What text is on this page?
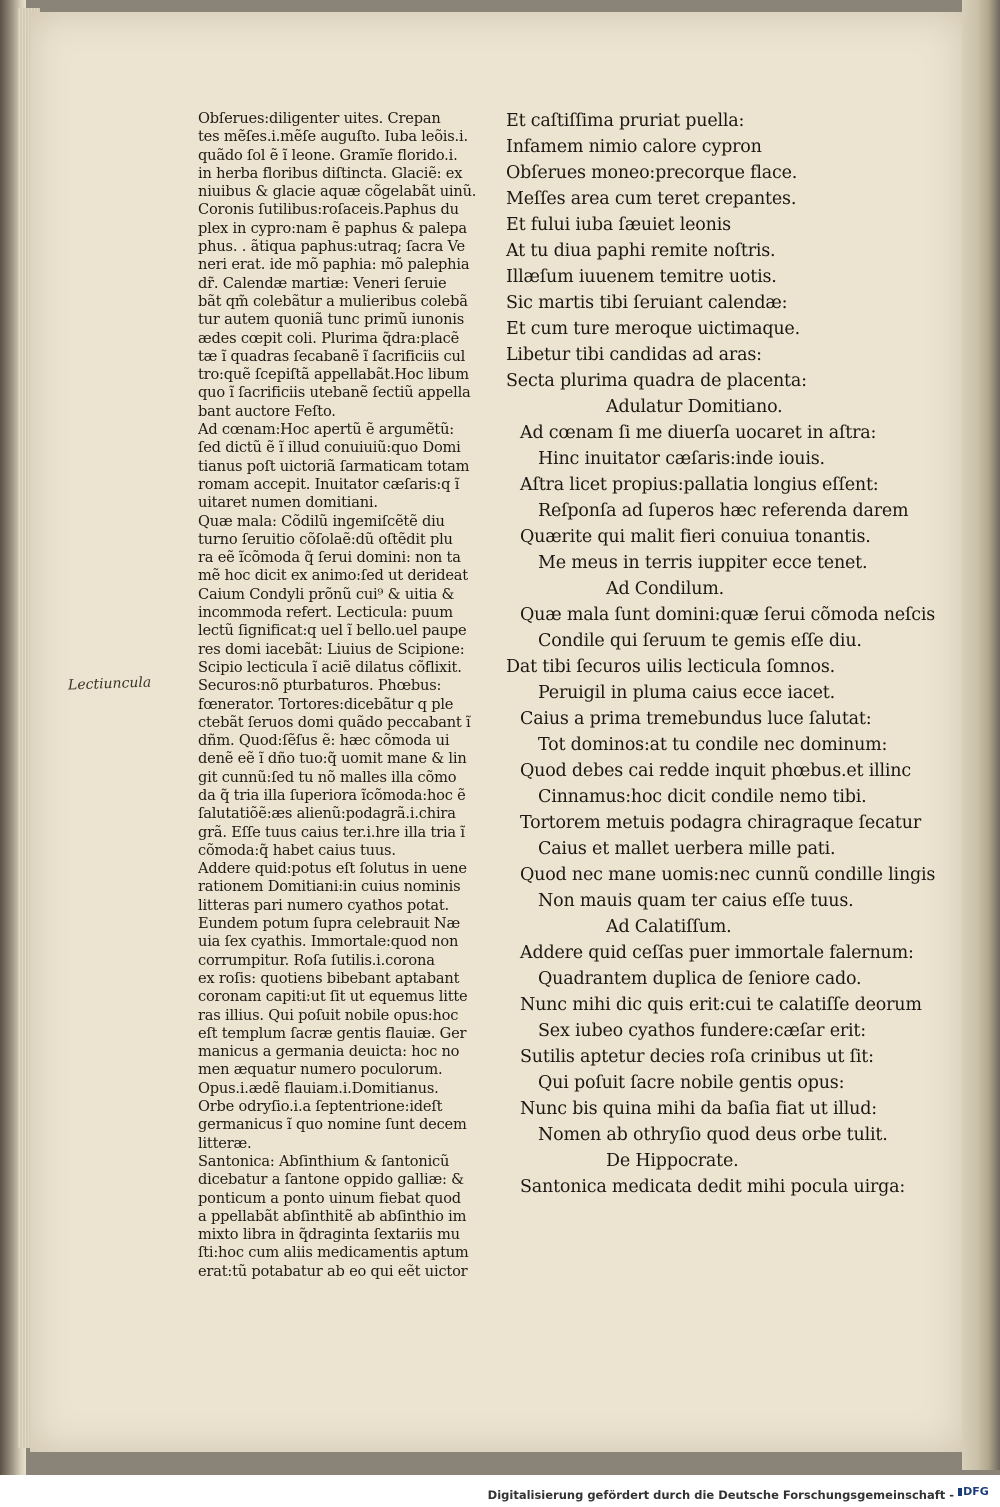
Lectiuncula
Obſerues:diligenter uites. Crepan
tes mẽſes.i.mẽſe auguſto. Iuba leõis.i.
quãdo ſol ẽ ĩ leone. Gramĩe florido.i.
in herba floribus diſtincta. Glaciẽ: ex
niuibus & glacie aquæ cõgelabãt uinũ.
Coronis ſutilibus:roſaceis.Paphus du
plex in cypro:nam ẽ paphus & palepa
phus. . ãtiqua paphus:utraq; ſacra Ve
neri erat. ide mõ paphia: mõ palephia
dr̃. Calendæ martiæ: Veneri ſeruie
bãt qm̃ colebãtur a mulieribus colebã
tur autem quoniã tunc primũ iunonis
ædes cœpit coli. Plurima q̃dra:placẽ
tæ ĩ quadras ſecabanẽ ĩ ſacrificiis cul
tro:quẽ ſcepiſtã appellabãt.Hoc libum
quo ĩ ſacrificiis utebanẽ ſectiũ appella
bant auctore Feſto.
Ad cœnam:Hoc apertũ ẽ argumẽtũ:
ſed dictũ ẽ ĩ illud conuiuiũ:quo Domi
tianus poſt uictoriã ſarmaticam totam
romam accepit. Inuitator cæſaris:q ĩ
uitaret numen domitiani.
Quæ mala: Cõdilũ ingemiſcẽtẽ diu
turno ſeruitio cõſolaẽ:dũ oſtẽdit plu
ra eẽ ĩcõmoda q̃ ſerui domini: non ta
mẽ hoc dicit ex animo:ſed ut derideat
Caium Condyli prõnũ cui⁹ & uitia &
incommoda refert. Lecticula: puum
lectũ ſignificat:q uel ĩ bello.uel paupe
res domi iacebãt: Liuius de Scipione:
Scipio lecticula ĩ aciẽ dilatus cõflixit.
Securos:nõ pturbaturos. Phœbus:
fœnerator. Tortores:dicebãtur q ple
ctebãt ſeruos domi quãdo peccabant ĩ
dñm. Quod:ſẽſus ẽ: hæc cõmoda ui
denẽ eẽ ĩ dño tuo:q̃ uomit mane & lin
git cunnũ:ſed tu nõ malles illa cõmo
da q̃ tria illa ſuperiora ĩcõmoda:hoc ẽ
ſalutatiõẽ:æs alienũ:podagrã.i.chira
grã. Eſſe tuus caius ter.i.hre illa tria ĩ
cõmoda:q̃ habet caius tuus.
Addere quid:potus eſt ſolutus in uene
rationem Domitiani:in cuius nominis
litteras pari numero cyathos potat.
Eundem potum ſupra celebrauit Næ
uia ſex cyathis. Immortale:quod non
corrumpitur. Roſa ſutilis.i.corona
ex roſis: quotiens bibebant aptabant
coronam capiti:ut ſit ut equemus litte
ras illius. Qui poſuit nobile opus:hoc
eſt templum ſacræ gentis flauiæ. Ger
manicus a germania deuicta: hoc no
men æquatur numero poculorum.
Opus.i.ædẽ flauiam.i.Domitianus.
Orbe odryſio.i.a ſeptentrione:ideſt
germanicus ĩ quo nomine ſunt decem
litteræ.
Santonica: Abſinthium & ſantonicũ
dicebatur a ſantone oppido galliæ: &
ponticum a ponto uinum fiebat quod
a ppellabãt abſinthitẽ ab abſinthio im
mixto libra in q̃draginta ſextariis mu
ſti:hoc cum aliis medicamentis aptum
erat:tũ potabatur ab eo qui eẽt uictor
Et caſtiſſima pruriat puella:
Infamem nimio calore cypron
Obſerues moneo:precorque flace.
Meſſes area cum teret crepantes.
Et fului iuba ſæuiet leonis
At tu diua paphi remite noſtris.
Illæſum iuuenem temitre uotis.
Sic martis tibi ſeruiant calendæ:
Et cum ture meroque uictimaque.
Libetur tibi candidas ad aras:
Secta plurima quadra de placenta:
Adulatur Domitiano.
Ad cœnam ſi me diuerſa uocaret in aſtra:
Hinc inuitator cæſaris:inde iouis.
Aſtra licet propius:pallatia longius eſſent:
Reſponſa ad ſuperos hæc referenda darem
Quærite qui malit fieri conuiua tonantis.
Me meus in terris iuppiter ecce tenet.
Ad Condilum.
Quæ mala ſunt domini:quæ ſerui cõmoda neſcis
Condile qui ſeruum te gemis eſſe diu.
Dat tibi ſecuros uilis lecticula ſomnos.
Peruigil in pluma caius ecce iacet.
Caius a prima tremebundus luce ſalutat:
Tot dominos:at tu condile nec dominum:
Quod debes cai redde inquit phœbus.et illinc
Cinnamus:hoc dicit condile nemo tibi.
Tortorem metuis podagra chiragraque ſecatur
Caius et mallet uerbera mille pati.
Quod nec mane uomis:nec cunnũ condille lingis
Non mauis quam ter caius eſſe tuus.
Ad Calatiſſum.
Addere quid ceſſas puer immortale falernum:
Quadrantem duplica de ſeniore cado.
Nunc mihi dic quis erit:cui te calatiſſe deorum
Sex iubeo cyathos fundere:cæſar erit:
Sutilis aptetur decies roſa crinibus ut ſit:
Qui poſuit ſacre nobile gentis opus:
Nunc bis quina mihi da baſia fiat ut illud:
Nomen ab othryſio quod deus orbe tulit.
De Hippocrate.
Santonica medicata dedit mihi pocula uirga:
Digitalisierung gefördert durch die Deutsche Forschungsgemeinschaft - DFG
